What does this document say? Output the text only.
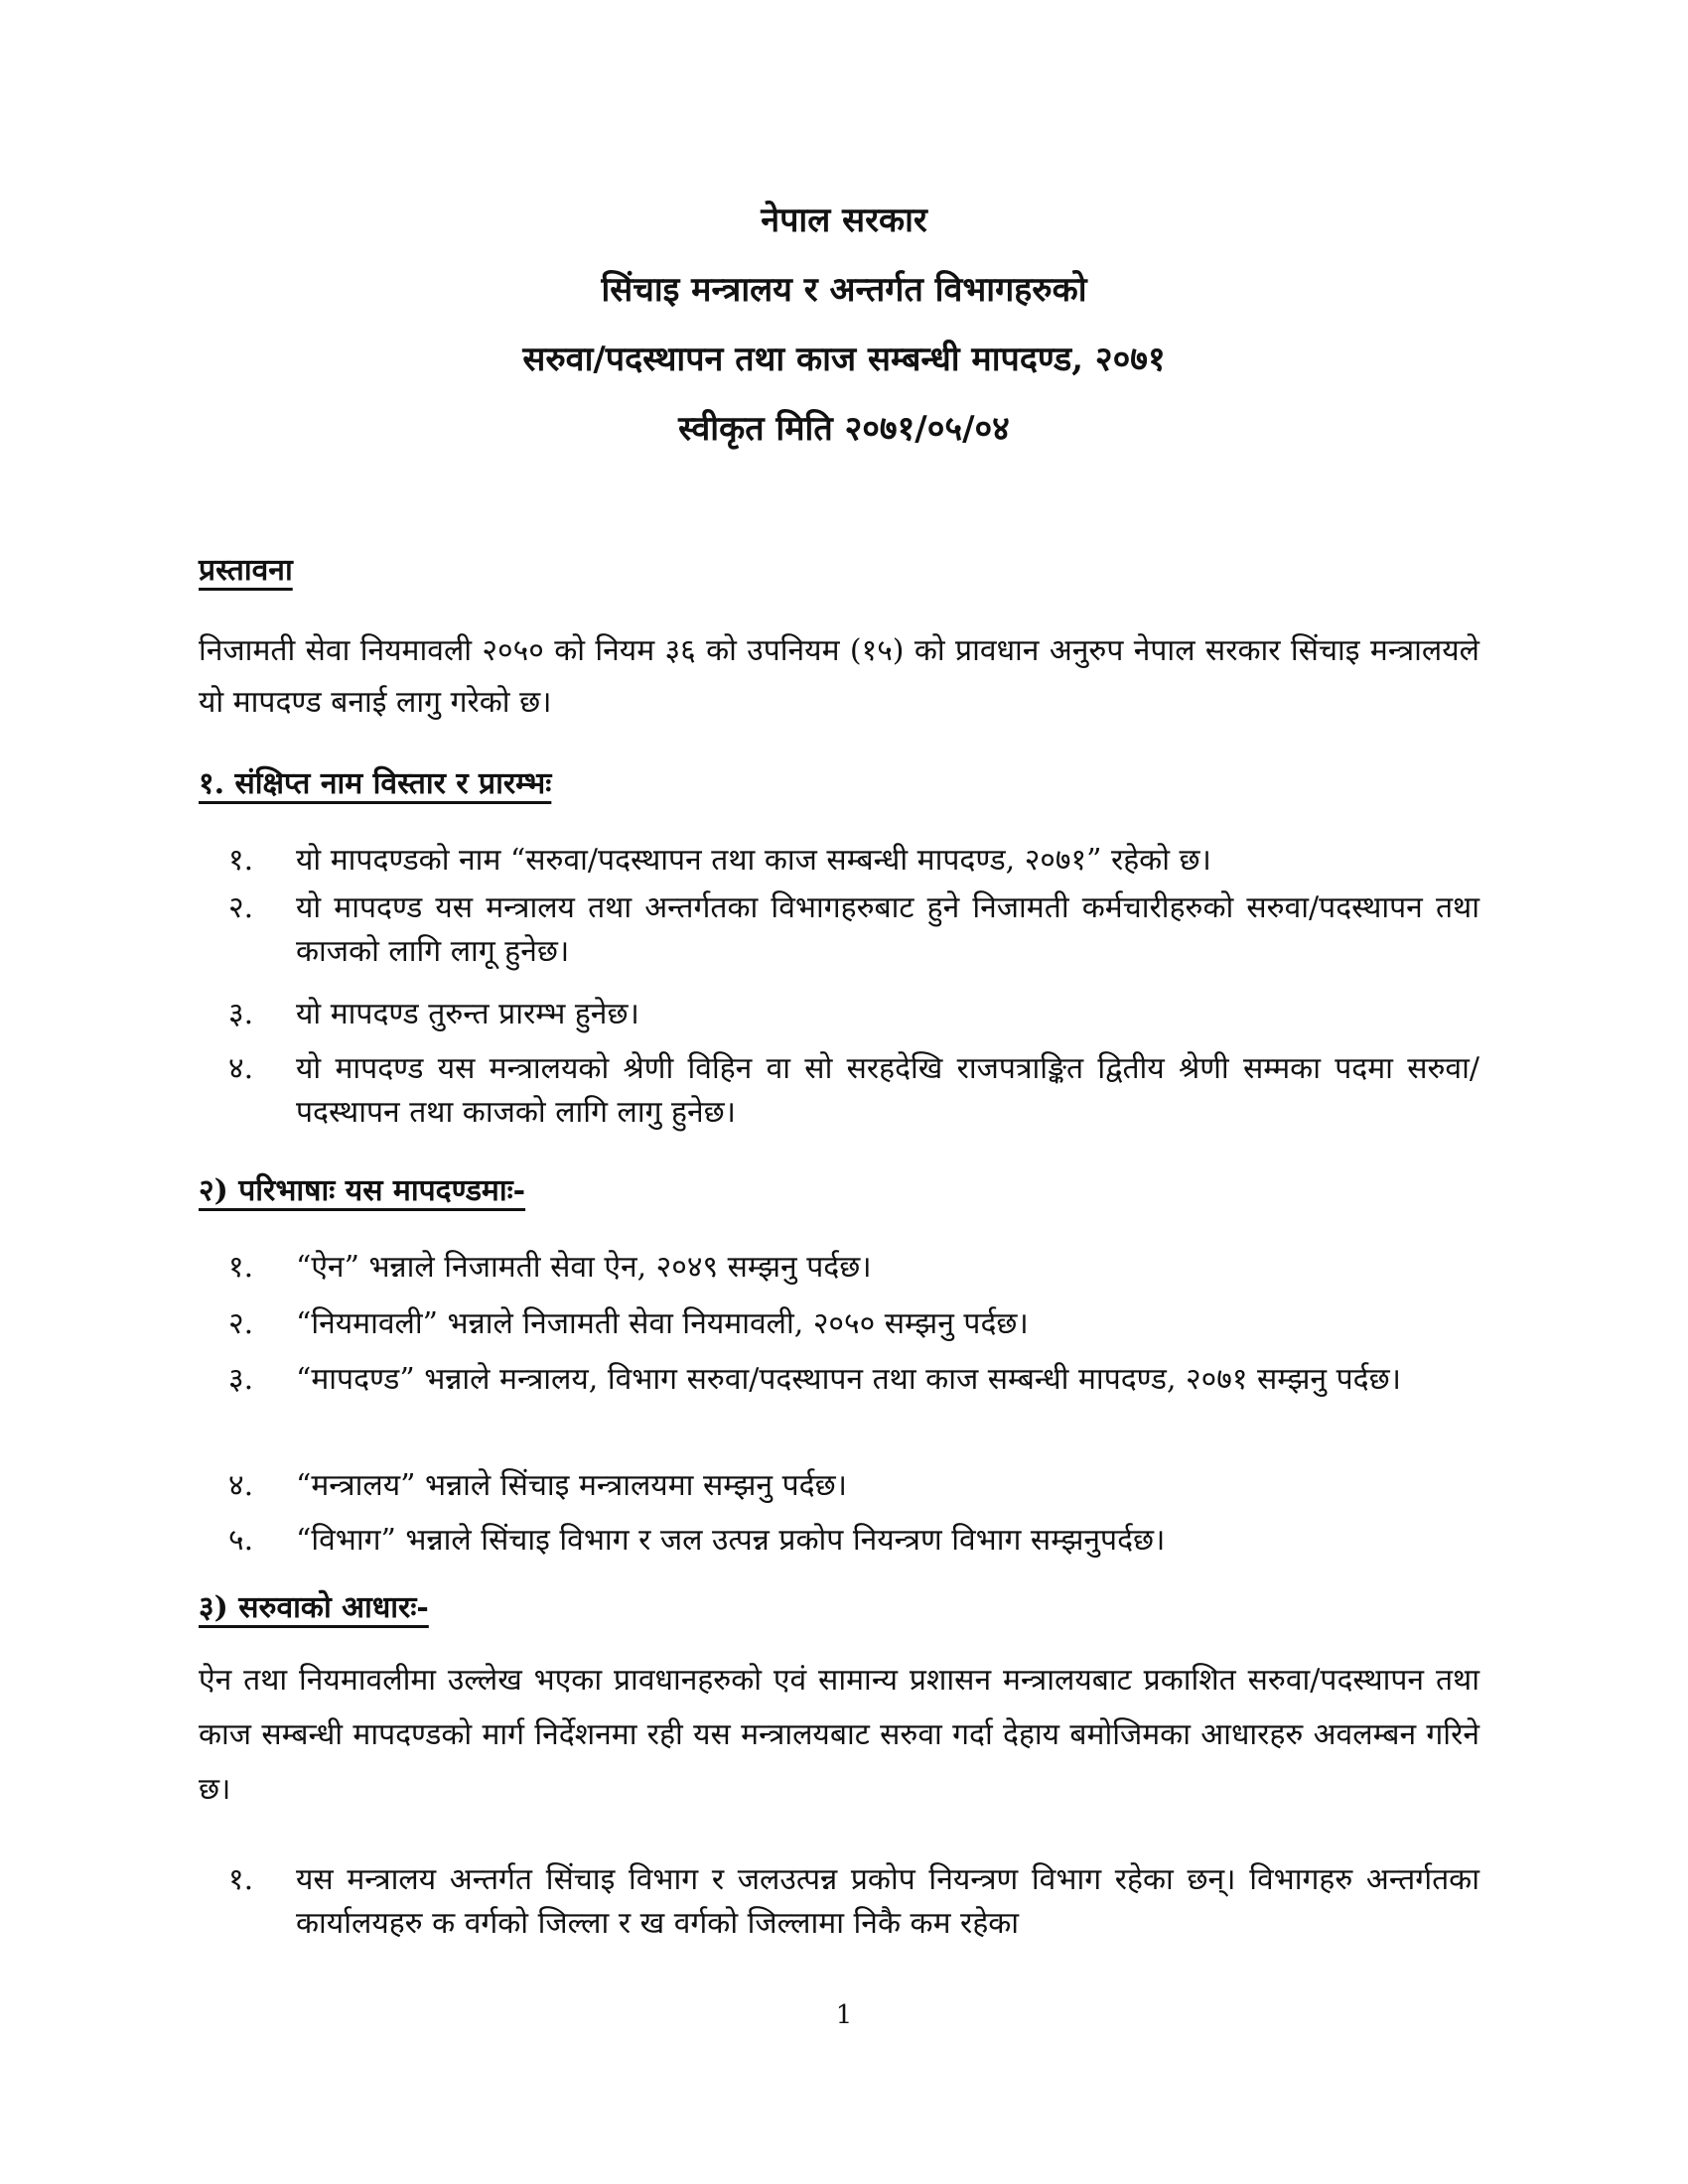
नेपाल सरकार
सिंचाइ मन्त्रालय र अन्तर्गत विभागहरुको
सरुवा/पदस्थापन तथा काज सम्बन्धी मापदण्ड, २०७१
स्वीकृत मिति २०७१/०५/०४
प्रस्तावना

निजामती सेवा नियमावली २०५० को नियम ३६ को उपनियम (१५) को प्रावधान अनुरुप नेपाल सरकार सिंचाइ मन्त्रालयले यो मापदण्ड बनाई लागु गरेको छ।

१. संक्षिप्त नाम विस्तार र प्रारम्भः
१.	यो मापदण्डको नाम “सरुवा/पदस्थापन तथा काज सम्बन्धी मापदण्ड, २०७१” रहेको छ।
२.	यो मापदण्ड यस मन्त्रालय तथा अन्तर्गतका विभागहरुबाट हुने निजामती कर्मचारीहरुको सरुवा/पदस्थापन तथा काजको लागि लागू हुनेछ।
३.	यो मापदण्ड तुरुन्त प्रारम्भ हुनेछ।
४.	यो मापदण्ड यस मन्त्रालयको श्रेणी विहिन वा सो सरहदेखि राजपत्राङ्कित द्वितीय श्रेणी सम्मका पदमा सरुवा/पदस्थापन तथा काजको लागि लागु हुनेछ।
२) परिभाषाः यस मापदण्डमाः-
१.	“ऐन” भन्नाले निजामती सेवा ऐन, २०४९ सम्झनु पर्दछ।
२.	“नियमावली” भन्नाले निजामती सेवा नियमावली, २०५० सम्झनु पर्दछ।
३.	“मापदण्ड” भन्नाले मन्त्रालय, विभाग सरुवा/पदस्थापन तथा काज सम्बन्धी मापदण्ड, २०७१ सम्झनु पर्दछ।
४.	“मन्त्रालय” भन्नाले सिंचाइ मन्त्रालयमा सम्झनु पर्दछ।
५.	“विभाग” भन्नाले सिंचाइ विभाग र जल उत्पन्न प्रकोप नियन्त्रण विभाग सम्झनुपर्दछ।
३) सरुवाको आधारः-

ऐन तथा नियमावलीमा उल्लेख भएका प्रावधानहरुको एवं सामान्य प्रशासन मन्त्रालयबाट प्रकाशित सरुवा/पदस्थापन तथा काज सम्बन्धी मापदण्डको मार्ग निर्देशनमा रही यस मन्त्रालयबाट सरुवा गर्दा देहाय बमोजिमका आधारहरु अवलम्बन गरिने छ।

१.	यस मन्त्रालय अन्तर्गत सिंचाइ विभाग र जलउत्पन्न प्रकोप नियन्त्रण विभाग रहेका छन्। विभागहरु अन्तर्गतका कार्यालयहरु क वर्गको जिल्ला र ख वर्गको जिल्लामा निकै कम रहेका
1
